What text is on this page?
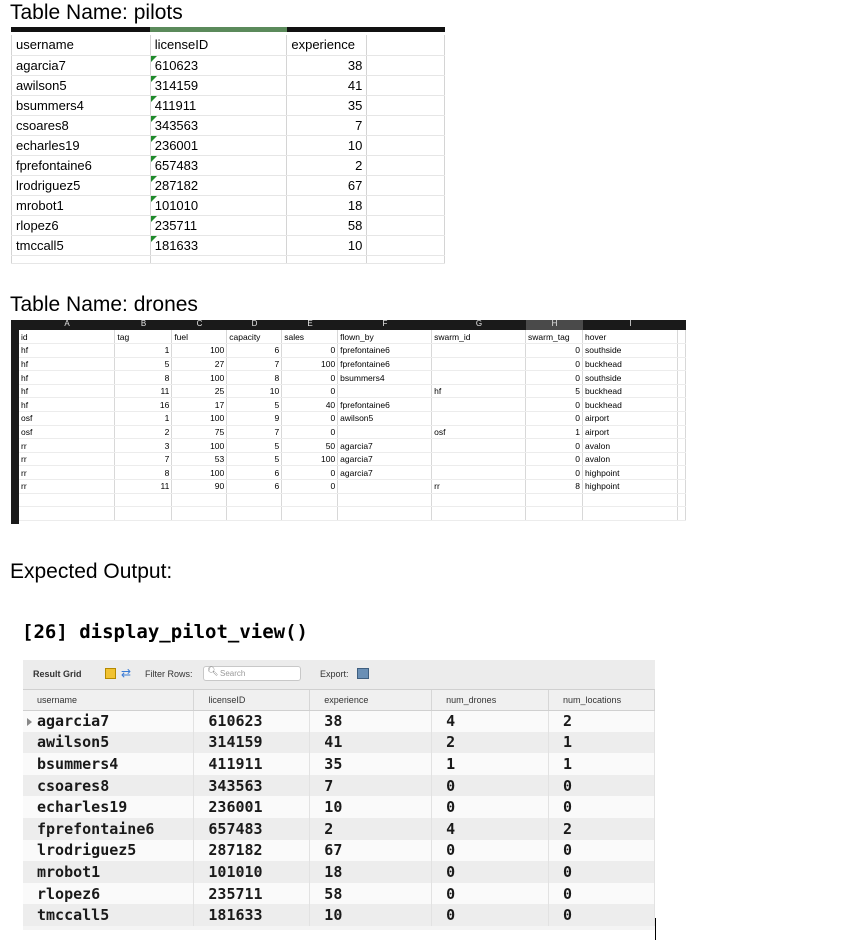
Table Name: pilots
Table Name: drones
Expected Output:
username	licenseID	experience	
agarcia7	610623	38	
awilson5	314159	41	
bsummers4	411911	35	
csoares8	343563	7	
echarles19	236001	10	
fprefontaine6	657483	2	
lrodriguez5	287182	67	
mrobot1	101010	18	
rlopez6	235711	58	
tmccall5	181633	10	

A	B	C	D	E	F	G	H	I
id	tag	fuel	capacity	sales	flown_by	swarm_id	swarm_tag	hover	
hf	1	100	6	0	fprefontaine6		0	southside	
hf	5	27	7	100	fprefontaine6		0	buckhead	
hf	8	100	8	0	bsummers4		0	southside	
hf	11	25	10	0		hf	5	buckhead	
hf	16	17	5	40	fprefontaine6		0	buckhead	
osf	1	100	9	0	awilson5		0	airport	
osf	2	75	7	0		osf	1	airport	
rr	3	100	5	50	agarcia7		0	avalon	
rr	7	53	5	100	agarcia7		0	avalon	
rr	8	100	6	0	agarcia7		0	highpoint	
rr	11	90	6	0		rr	8	highpoint	

[26] display_pilot_view()
Result Grid	⇄ Filter Rows:	Search
🔍︎	Export:
username	licenseID	experience	num_drones	num_locations

agarcia7	610623	38	4	2
awilson5	314159	41	2	1
bsummers4	411911	35	1	1
csoares8	343563	7	0	0
echarles19	236001	10	0	0
fprefontaine6	657483	2	4	2
lrodriguez5	287182	67	0	0
mrobot1	101010	18	0	0
rlopez6	235711	58	0	0
tmccall5	181633	10	0	0
